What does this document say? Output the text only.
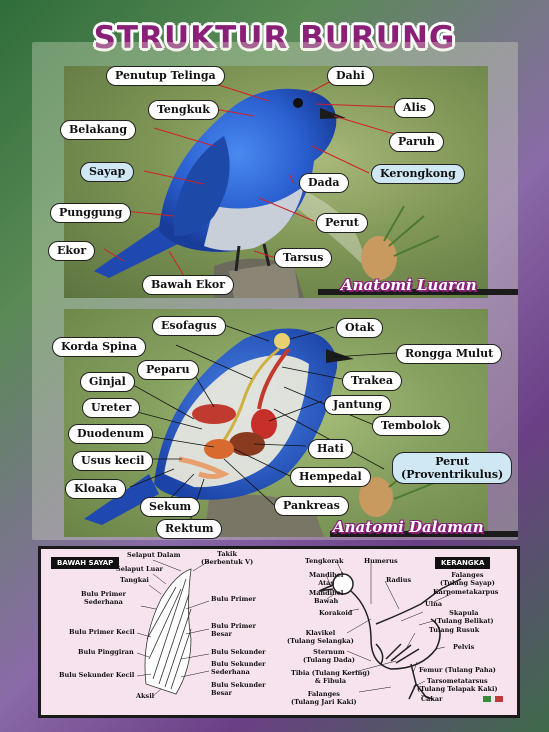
STRUKTUR BURUNG
Penutup Telinga	Dahi
Tengkuk	Alis
Belakang
Paruh
Kerongkong
Sayap
Dada
Punggung
Perut
Ekor
Tarsus
Bawah Ekor	Anatomi Luaran
Esofagus	Otak
Korda Spina
Rongga Mulut
Peparu
Ginjal	Trakea
Ureter	Jantung
Tembolok
Duodenum
Hati
Usus kecil	Perut
(Proventrikulus)
Hempedal
Kloaka
Pankreas
Sekum
Rektum	Anatomi Dalaman
BAWAH SAYAP	KERANGKA
Selaput Dalam	Takik
(Berbentuk V)
Selaput Luar
Tangkai
Bulu Primer
Sederhana	Bulu Primer
Bulu Primer Kecil
Bulu Primer
Besar
Bulu Pinggiran	Bulu Sekunder
Bulu Sekunder
Sederhana
Bulu Sekunder Kecil
Bulu Sekunder
Besar
Aksil
Tengkorak	Humerus
Mandibel
Atas	Radius
Falanges
(Tulang Sayap)
Karpometakarpus
Mandibel
Bawah	Ulna
Skapula
(Tulang Belikat)
Korakoid
Tulang Rusuk
Klavikel
(Tulang Selangka)
Pelvis
Sternum
(Tulang Dada)
Femur (Tulang Paha)
Tibia (Tulang Kering)
& Fibula	Tarsometatarsus
(Tulang Telapak Kaki)
Falanges
(Tulang Jari Kaki)	Cakar
